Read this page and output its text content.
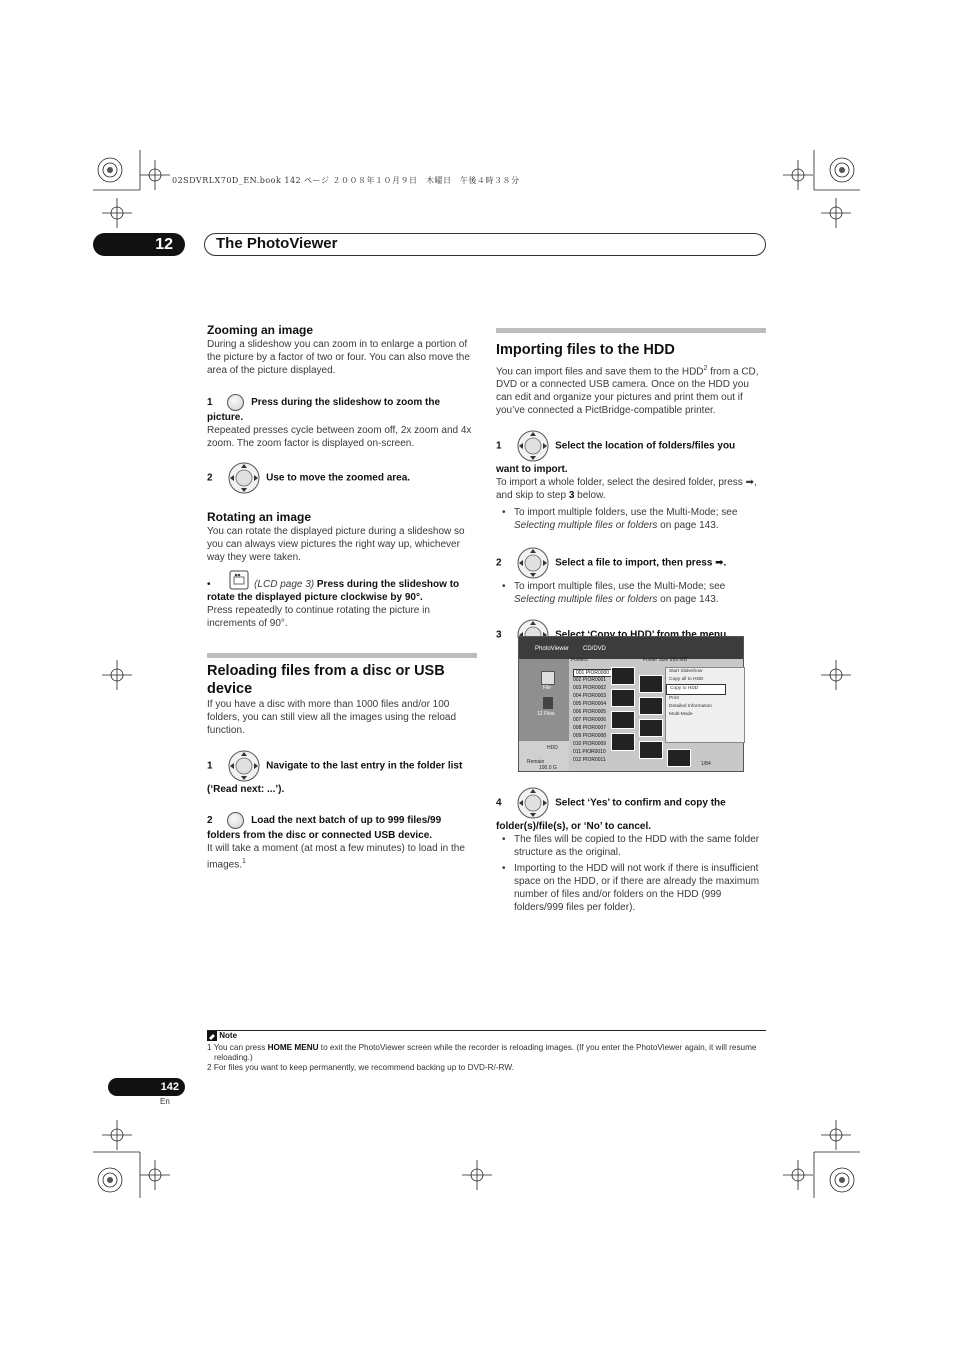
02SDVRLX70D_EN.book 142 ページ ２００８年１０月９日　木曜日　午後４時３８分
12	The PhotoViewer
Zooming an image

During a slideshow you can zoom in to enlarge a portion of the picture by a factor of two or four. You can also move the area of the picture displayed.

1	Press during the slideshow to zoom the picture.

Repeated presses cycle between zoom off, 2x zoom and 4x zoom. The zoom factor is displayed on-screen.

2	Use to move the zoomed area.

Rotating an image

You can rotate the displayed picture during a slideshow so you can always view pictures the right way up, whichever way they were taken.

•	(LCD page 3) Press during the slideshow to
rotate the displayed picture clockwise by 90°.

Press repeatedly to continue rotating the picture in increments of 90°.

Reloading files from a disc or USB device

If you have a disc with more than 1000 files and/or 100 folders, you can still view all the images using the reload function.

1	Navigate to the last entry in the folder list
(‘Read next: ...’).

2	Load the next batch of up to 999 files/99
folders from the disc or connected USB device.

It will take a moment (at most a few minutes) to load in the images.$^1$

Importing files to the HDD

You can import files and save them to the HDD$^2$ from a CD, DVD or a connected USB camera. Once on the HDD you can edit and organize your pictures and print them out if you’ve connected a PictBridge-compatible printer.

1	Select the location of folders/files you
want to import.

To import a whole folder, select the desired folder, press ➡, and skip to step 3 below.

• To import multiple folders, use the Multi-Mode; see Selecting multiple files or folders on page 143.

2	Select a file to import, then press ➡.

• To import multiple files, use the Multi-Mode; see Selecting multiple files or folders on page 143.

3

PhotoViewer CD/DVD
File
12 Files
HDD
Remain
100.0 G
Folder2	Folder Size 999 MB
001 PIOR0000
002 PIOR0001
003 PIOR0002
004 PIOR0003
005 PIOR0004
006 PIOR0005
007 PIOR0006
008 PIOR0007
009 PIOR0008
010 PIOR0009
011 PIOR0010
012 PIOR0011
Start Slideshow
Copy all to HDD
Copy to HDD
Print
Detailed Information
Multi-Mode
1/84

4	Select ‘Yes’ to confirm and copy the
folder(s)/file(s), or ‘No’ to cancel.

• The files will be copied to the HDD with the same folder structure as the original.
• Importing to the HDD will not work if there is insufficient space on the HDD, or if there are already the maximum number of files and/or folders on the HDD (999 folders/999 files per folder).
Note
1 You can press HOME MENU to exit the PhotoViewer screen while the recorder is reloading images. (If you enter the PhotoViewer again, it will resume reloading.)
2 For files you want to keep permanently, we recommend backing up to DVD-R/-RW.
142
En
